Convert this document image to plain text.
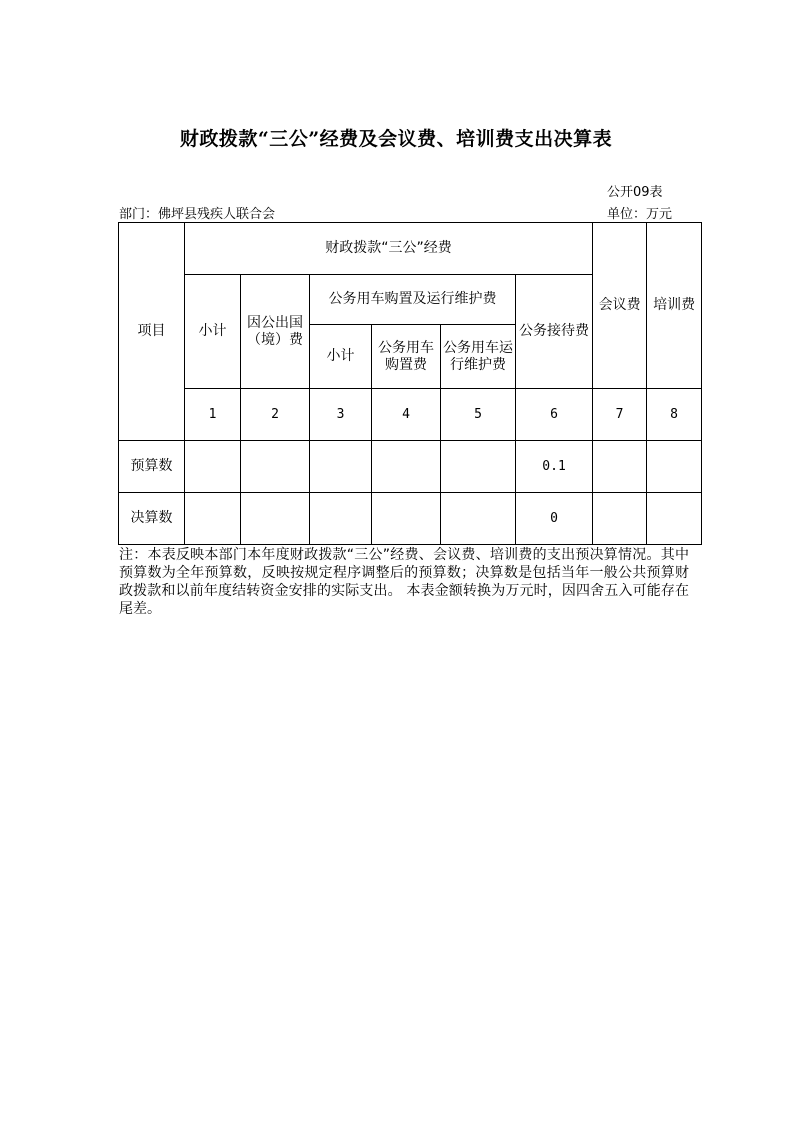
财政拨款“三公”经费及会议费、培训费支出决算表
公开09表
部门：佛坪县残疾人联合会	单位：万元
项目	财政拨款“三公”经费						会议费	培训费
	小计	因公出国（境）费	公务用车购置及运行维护费			公务接待费		
			小计	公务用车购置费	公务用车运行维护费			
	1	2	3	4	5	6	7	8
预算数						0.1		
决算数						0		
注：本表反映本部门本年度财政拨款“三公”经费、会议费、培训费的支出预决算情况。其中预算数为全年预算数，反映按规定程序调整后的预算数；决算数是包括当年一般公共预算财政拨款和以前年度结转资金安排的实际支出。 本表金额转换为万元时，因四舍五入可能存在尾差。
